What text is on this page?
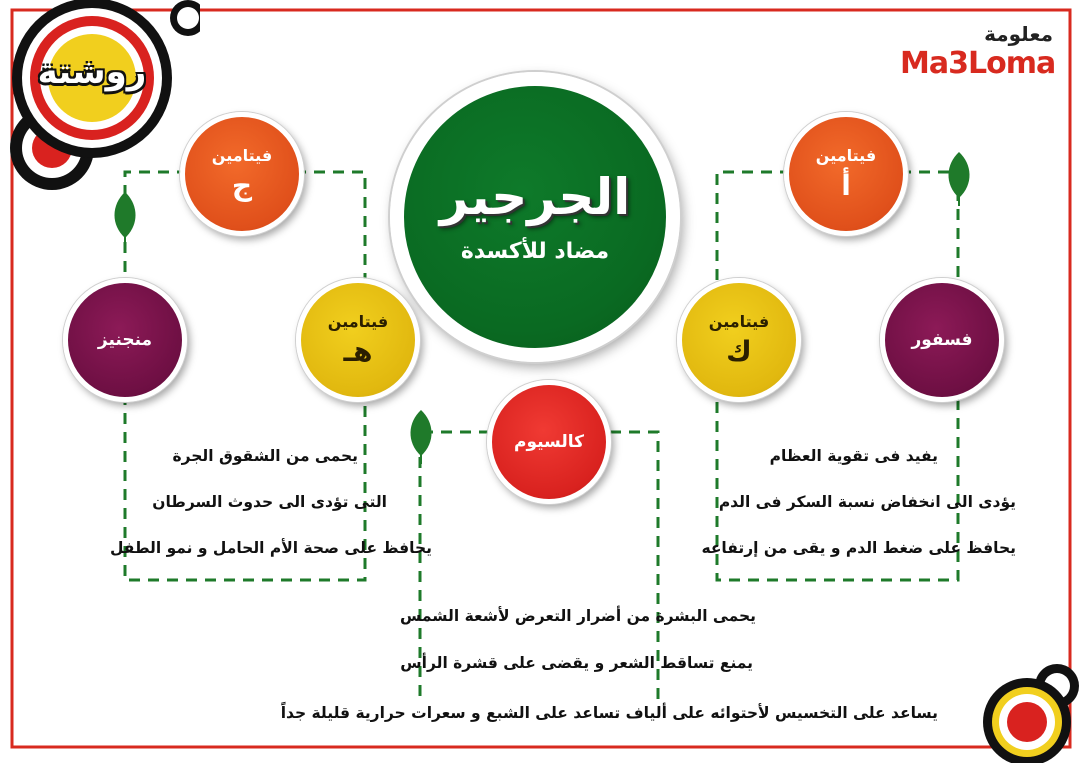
روشتة
معلومة
Ma3Loma
الجرجير
مضاد للأكسدة
فيتامين
ج
فيتامين
أ
منجنيز
فيتامين
هـ
فيتامين
ك	فسفور
كالسيوم
يحمى من الشقوق الجرة
التى تؤدى الى حدوث السرطان
يحافظ على صحة الأم الحامل و نمو الطفل
يفيد فى تقوية العظام
يؤدى الى انخفاض نسبة السكر فى الدم
يحافظ على ضغط الدم و يقى من إرتفاعه
يحمى البشرة من أضرار التعرض لأشعة الشمس
يمنع تساقط الشعر و يقضى على قشرة الرأس
يساعد على التخسيس لأحتوائه على ألياف تساعد على الشبع و سعرات حرارية قليلة جداً
